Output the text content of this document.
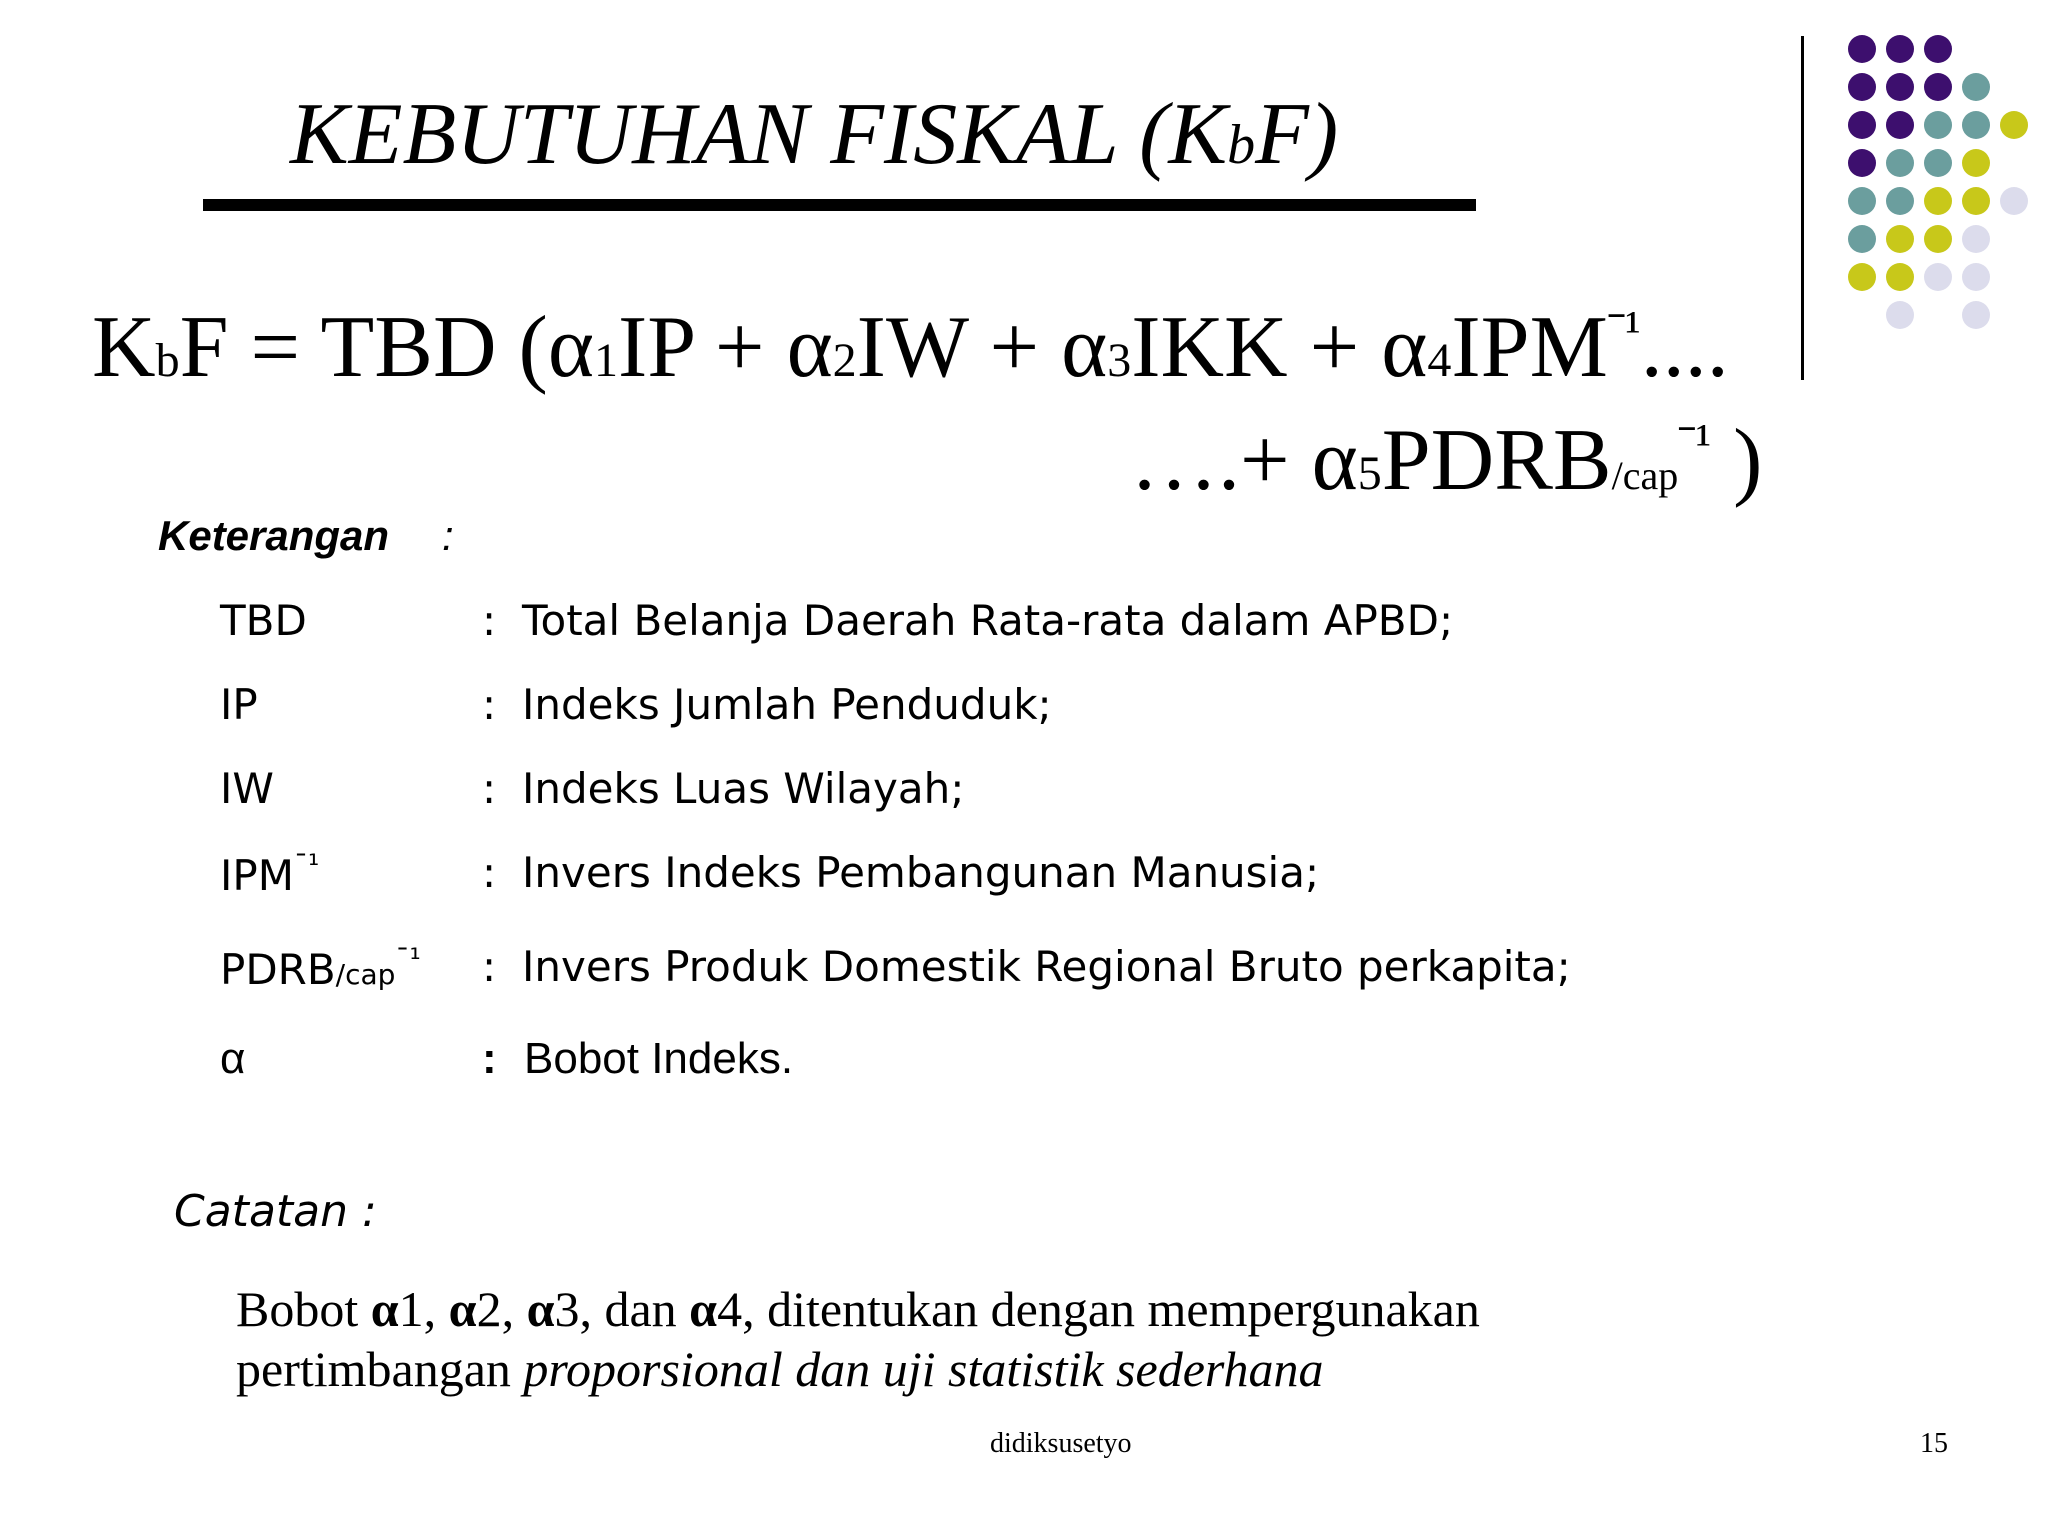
KEBUTUHAN FISKAL (KbF)
KbF = TBD ($\alpha 1IP + \alpha 2IW + \alpha 3IKK + \alpha 4IPM^{ˉ^1}$....
….+ α5PDRB/cap$^{ˉ^1}$ )
Keterangan :
TBD	: Total Belanja Daerah Rata-rata dalam APBD;
IP	: Indeks Jumlah Penduduk;
IW	: Indeks Luas Wilayah;
$IPM^{ˉ^1}$	: Invers Indeks Pembangunan Manusia;
PDRB/cap$^{ˉ^1}$ : Invers Produk Domestik Regional Bruto perkapita;
α	: Bobot Indeks.
Catatan :
Bobot α1, α2, α3, dan α4, ditentukan dengan mempergunakan
pertimbangan proporsional dan uji statistik sederhana
didiksusetyo	15
